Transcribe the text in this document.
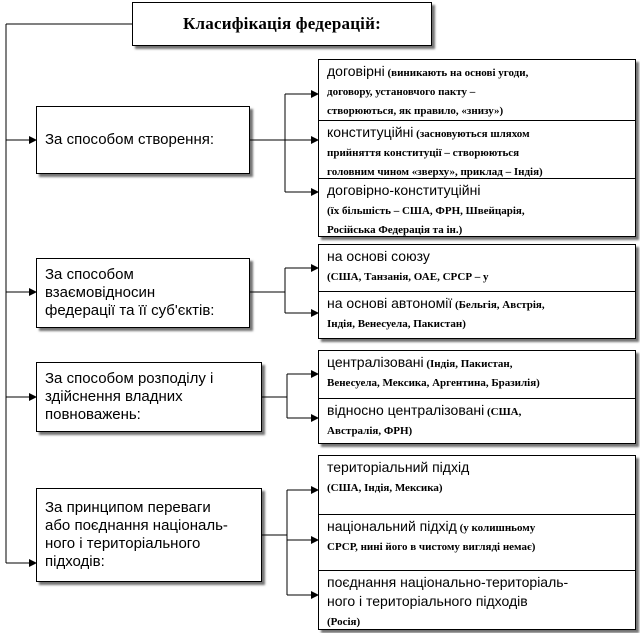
Класифікація федерацій:
За способом створення:
За способом
взаємовідносин
федерації та її суб'єктів:
За способом розподілу і
здійснення владних
повноважень:
За принципом переваги
або поєднання національ-
ного і територіального
підходів:

договірні (виникають на основі угоди,
договору, установчого пакту –
створюються, як правило, «знизу»)

конституційні (засновуються шляхом
прийняття конституції – створюються
головним чином «зверху», приклад – Індія)

договірно-конституційні
(їх більшість – США, ФРН, Швейцарія,
Російська Федерація та ін.)

на основі союзу
(США, Танзанія, ОАЕ, СРСР – у

на основі автономії (Бельгія, Австрія,
Індія, Венесуела, Пакистан)

централізовані (Індія, Пакистан,
Венесуела, Мексика, Аргентина, Бразилія)

відносно централізовані (США,
Австралія, ФРН)

територіальний підхід
(США, Індія, Мексика)

національний підхід (у колишньому
СРСР, нині його в чистому вигляді немає)

поєднання національно-територіаль-
ного і територіального підходів
(Росія)
